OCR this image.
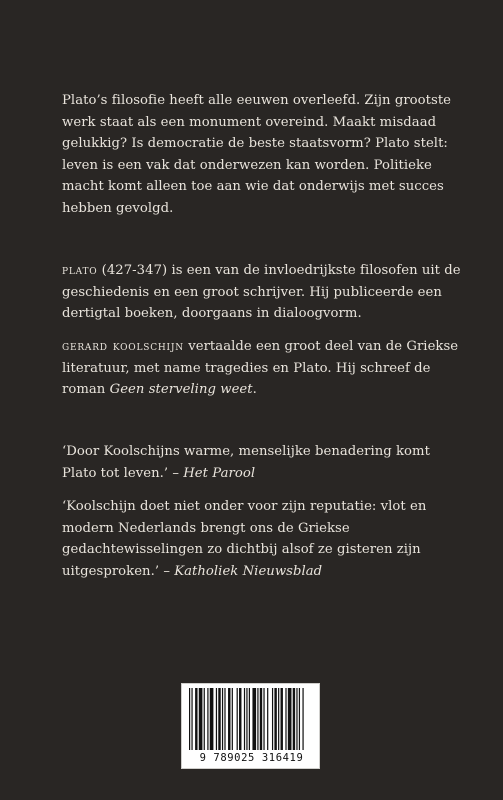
Plato’s filosofie heeft alle eeuwen overleefd. Zijn grootste werk staat als een monument overeind. Maakt misdaad gelukkig? Is democratie de beste staatsvorm? Plato stelt: leven is een vak dat onderwezen kan worden. Politieke macht komt alleen toe aan wie dat onderwijs met succes hebben gevolgd.

plato (427-347) is een van de invloedrijkste filosofen uit de geschiedenis en een groot schrijver. Hij publiceerde een dertigtal boeken, doorgaans in dialoogvorm.

gerard koolschijn vertaalde een groot deel van de Griekse literatuur, met name tragedies en Plato. Hij schreef de roman Geen sterveling weet.

‘Door Koolschijns warme, menselijke benadering komt Plato tot leven.’ – Het Parool

‘Koolschijn doet niet onder voor zijn reputatie: vlot en modern Nederlands brengt ons de Griekse gedachtewisselingen zo dichtbij alsof ze gisteren zijn uitgesproken.’ – Katholiek Nieuwsblad

9 789025 316419
